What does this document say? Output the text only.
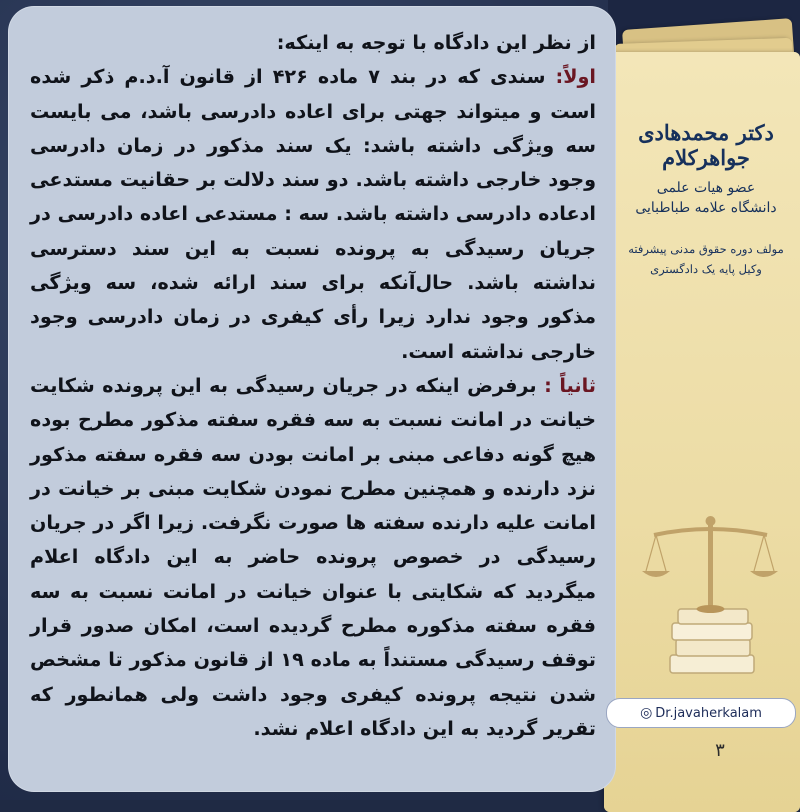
از نظر این دادگاه با توجه به اینکه:

اولاً: سندی که در بند ۷ ماده ۴۲۶ از قانون آ.د.م ذکر شده است و میتواند جهتی برای اعاده دادرسی باشد، می بایست سه ویژگی داشته باشد: یک سند مذکور در زمان دادرسی وجود خارجی داشته باشد. دو سند دلالت بر حقانیت مستدعی ادعاده دادرسی داشته باشد. سه : مستدعی اعاده دادرسی در جریان رسیدگی به پرونده نسبت به این سند دسترسی نداشته باشد. حال‌آنکه برای سند ارائه شده، سه ویژگی مذکور وجود ندارد زیرا رأی کیفری در زمان دادرسی وجود خارجی نداشته است.

ثانیاً : برفرض اینکه در جریان رسیدگی به این پرونده شکایت خیانت در امانت نسبت به سه فقره سفته مذکور مطرح بوده هیچ گونه دفاعی مبنی بر امانت بودن سه فقره سفته مذکور نزد دارنده و همچنین مطرح نمودن شکایت مبنی بر خیانت در امانت علیه دارنده سفته ها صورت نگرفت. زیرا اگر در جریان رسیدگی در خصوص پرونده حاضر به این دادگاه اعلام میگردید که شکایتی با عنوان خیانت در امانت نسبت به سه فقره سفته مذکوره مطرح گردیده است، امکان صدور قرار توقف رسیدگی مستنداً به ماده ۱۹ از قانون مذکور تا مشخص شدن نتیجه پرونده کیفری وجود داشت ولی همانطور که تقریر گردید به این دادگاه اعلام نشد.

دکتر محمدهادی جواهرکلام
عضو هیات علمی
دانشگاه علامه طباطبایی
مولف دوره حقوق مدنی پیشرفته
وکیل پایه یک دادگستری
◎ Dr.javaherkalam
۳
